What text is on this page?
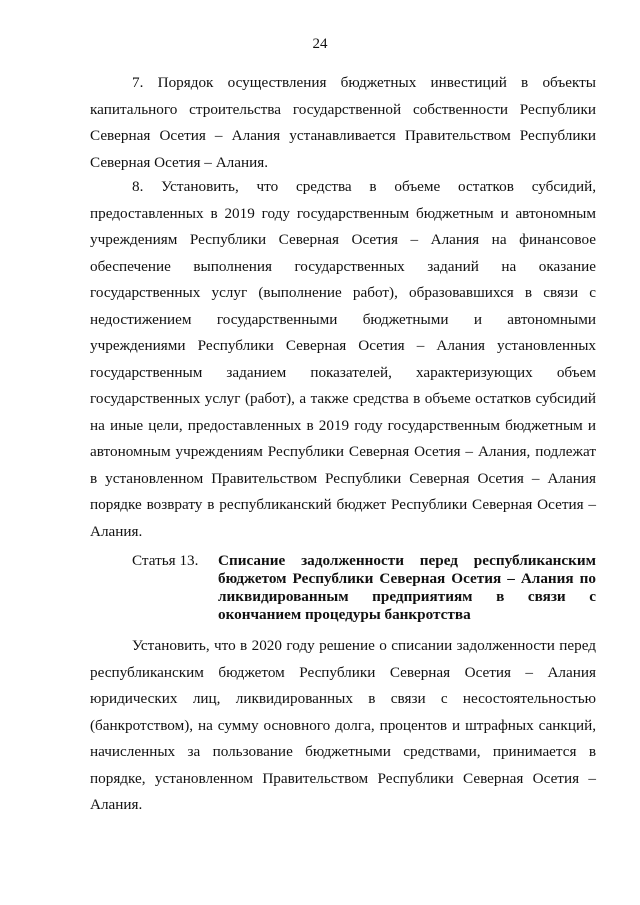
24

7. Порядок осуществления бюджетных инвестиций в объекты капитального строительства государственной собственности Республики Северная Осетия – Алания устанавливается Правительством Республики Северная Осетия – Алания.

8. Установить, что средства в объеме остатков субсидий, предоставленных в 2019 году государственным бюджетным и автономным учреждениям Республики Северная Осетия – Алания на финансовое обеспечение выполнения государственных заданий на оказание государственных услуг (выполнение работ), образовавшихся в связи с недостижением государственными бюджетными и автономными учреждениями Республики Северная Осетия – Алания установленных государственным заданием показателей, характеризующих объем государственных услуг (работ), а также средства в объеме остатков субсидий на иные цели, предоставленных в 2019 году государственным бюджетным и автономным учреждениям Республики Северная Осетия – Алания, подлежат в установленном Правительством Республики Северная Осетия – Алания порядке возврату в республиканский бюджет Республики Северная Осетия – Алания.

Статья 13.	Списание задолженности перед республиканским бюджетом Республики Северная Осетия – Алания по ликвидированным предприятиям в связи с окончанием процедуры банкротства

Установить, что в 2020 году решение о списании задолженности перед республиканским бюджетом Республики Северная Осетия – Алания юридических лиц, ликвидированных в связи с несостоятельностью (банкротством), на сумму основного долга, процентов и штрафных санкций, начисленных за пользование бюджетными средствами, принимается в порядке, установленном Правительством Республики Северная Осетия – Алания.
